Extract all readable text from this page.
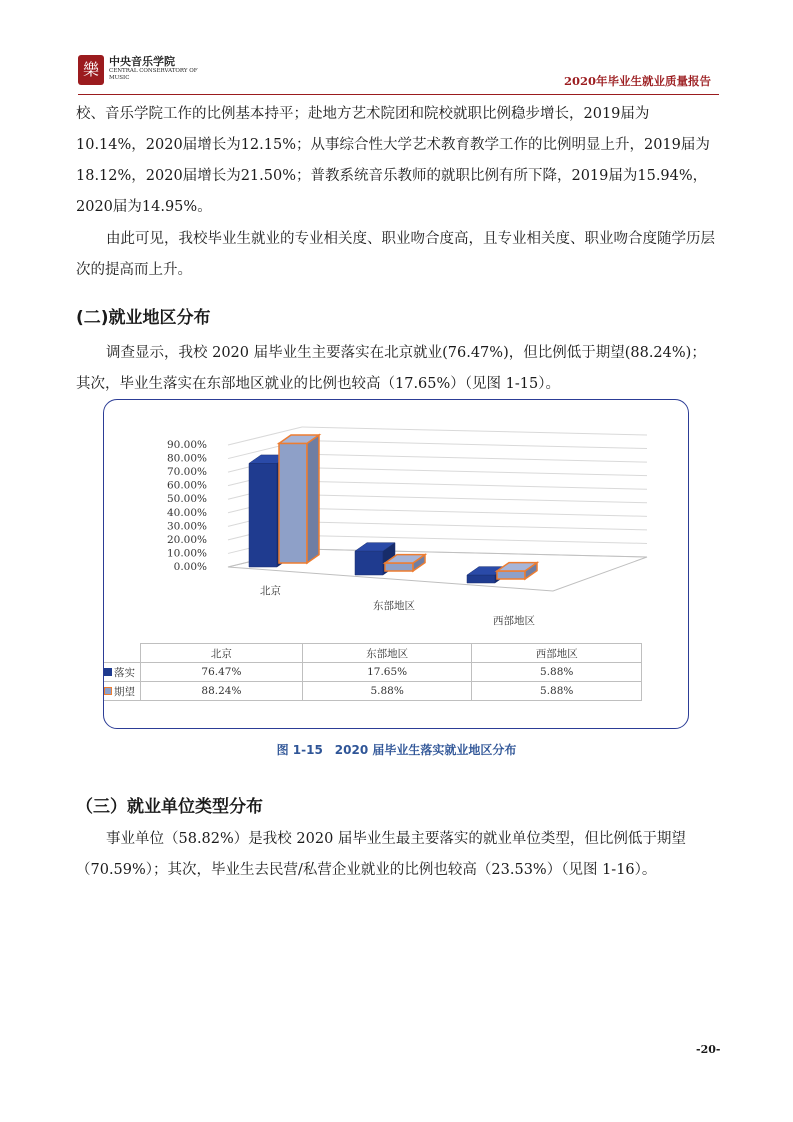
樂 中央音乐学院
CENTRAL CONSERVATORY OF MUSIC	2020年毕业生就业质量报告

校、音乐学院工作的比例基本持平；赴地方艺术院团和院校就职比例稳步增长，2019届为10.14%，2020届增长为12.15%；从事综合性大学艺术教育教学工作的比例明显上升，2019届为18.12%，2020届增长为21.50%；普教系统音乐教师的就职比例有所下降，2019届为15.94%，2020届为14.95%。

由此可见，我校毕业生就业的专业相关度、职业吻合度高，且专业相关度、职业吻合度随学历层次的提高而上升。

(二)就业地区分布

调查显示，我校 2020 届毕业生主要落实在北京就业(76.47%)，但比例低于期望(88.24%)；其次，毕业生落实在东部地区就业的比例也较高（17.65%）（见图 1-15）。

0.00%
10.00%
20.00%
30.00%
40.00%
50.00%
60.00%
70.00%
80.00%
90.00%
北京
东部地区
西部地区
	北京	东部地区	西部地区
落实	76.47%	17.65%	5.88%
期望	88.24%	5.88%	5.88%
图 1-15　2020 届毕业生落实就业地区分布
（三）就业单位类型分布

事业单位（58.82%）是我校 2020 届毕业生最主要落实的就业单位类型，但比例低于期望（70.59%）；其次，毕业生去民营/私营企业就业的比例也较高（23.53%）（见图 1-16）。

-20-
